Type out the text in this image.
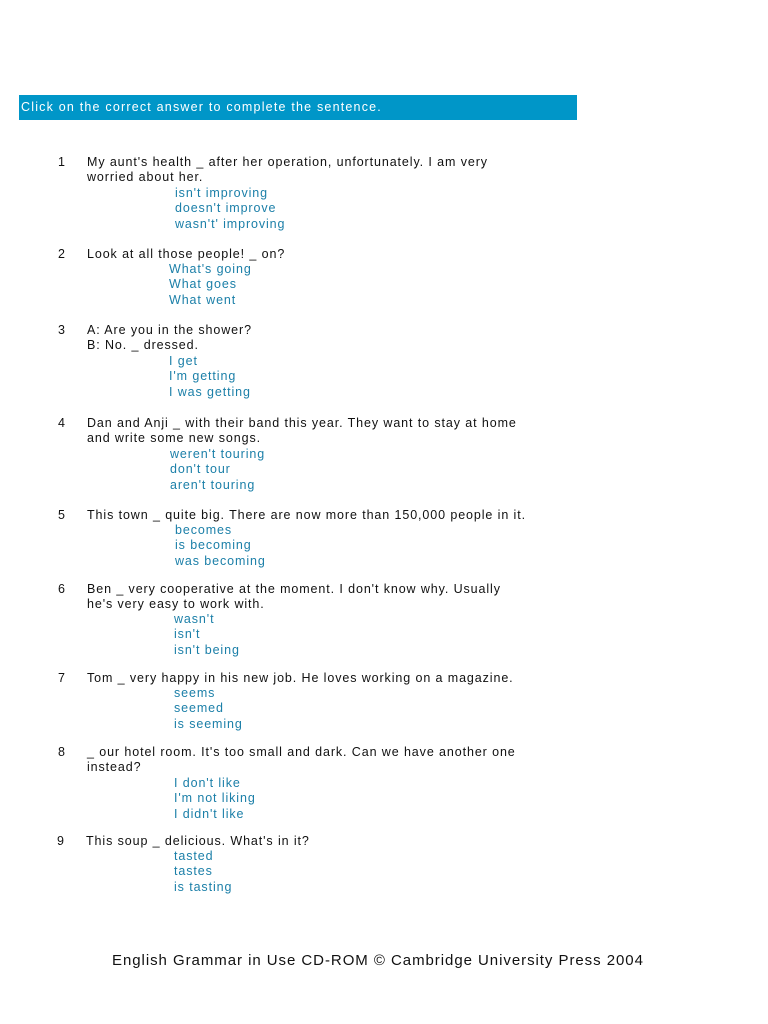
Click on the correct answer to complete the sentence.
1 My aunt's health _ after her operation, unfortunately. I am very
worried about her.
isn't improving
doesn't improve
wasn't' improving
2 Look at all those people! _ on?
What's going
What goes
What went
3 A: Are you in the shower?
B: No. _ dressed.
I get
I'm getting
I was getting
4 Dan and Anji _ with their band this year. They want to stay at home
and write some new songs.
weren't touring
don't tour
aren't touring
5 This town _ quite big. There are now more than 150,000 people in it.
becomes
is becoming
was becoming
6 Ben _ very cooperative at the moment. I don't know why. Usually
he's very easy to work with.
wasn't
isn't
isn't being
7 Tom _ very happy in his new job. He loves working on a magazine.
seems
seemed
is seeming
8 _ our hotel room. It's too small and dark. Can we have another one
instead?
I don't like
I'm not liking
I didn't like
9 This soup _ delicious. What's in it?
tasted
tastes
is tasting
English Grammar in Use CD-ROM © Cambridge University Press 2004
